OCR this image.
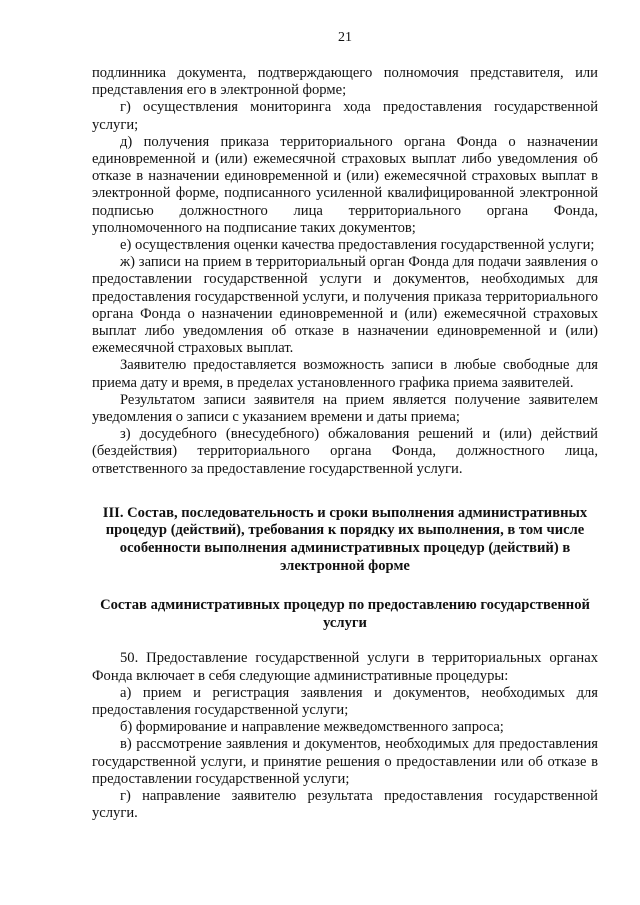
21

подлинника документа, подтверждающего полномочия представителя, или представления его в электронной форме;

г) осуществления мониторинга хода предоставления государственной услуги;

д) получения приказа территориального органа Фонда о назначении единовременной и (или) ежемесячной страховых выплат либо уведомления об отказе в назначении единовременной и (или) ежемесячной страховых выплат в электронной форме, подписанного усиленной квалифицированной электронной подписью должностного лица территориального органа Фонда, уполномоченного на подписание таких документов;

е) осуществления оценки качества предоставления государственной услуги;

ж) записи на прием в территориальный орган Фонда для подачи заявления о предоставлении государственной услуги и документов, необходимых для предоставления государственной услуги, и получения приказа территориального органа Фонда о назначении единовременной и (или) ежемесячной страховых выплат либо уведомления об отказе в назначении единовременной и (или) ежемесячной страховых выплат.

Заявителю предоставляется возможность записи в любые свободные для приема дату и время, в пределах установленного графика приема заявителей.

Результатом записи заявителя на прием является получение заявителем уведомления о записи с указанием времени и даты приема;

з) досудебного (внесудебного) обжалования решений и (или) действий (бездействия) территориального органа Фонда, должностного лица, ответственного за предоставление государственной услуги.

III. Состав, последовательность и сроки выполнения административных процедур (действий), требования к порядку их выполнения, в том числе особенности выполнения административных процедур (действий) в электронной форме
Состав административных процедур по предоставлению государственной услуги

50. Предоставление государственной услуги в территориальных органах Фонда включает в себя следующие административные процедуры:

а) прием и регистрация заявления и документов, необходимых для предоставления государственной услуги;

б) формирование и направление межведомственного запроса;

в) рассмотрение заявления и документов, необходимых для предоставления государственной услуги, и принятие решения о предоставлении или об отказе в предоставлении государственной услуги;

г) направление заявителю результата предоставления государственной услуги.
